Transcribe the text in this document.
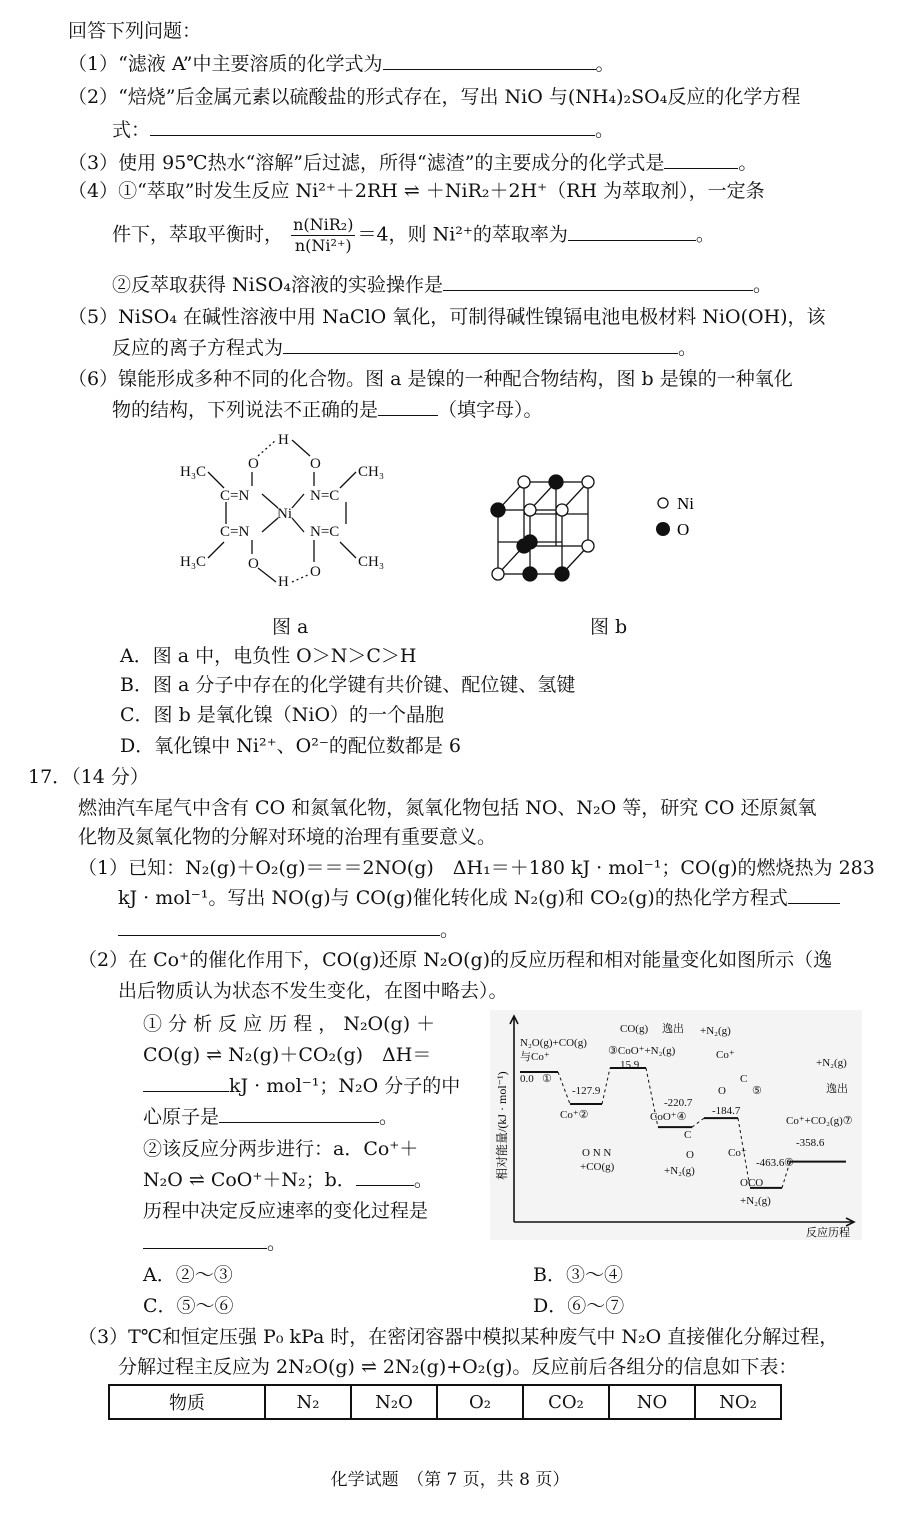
回答下列问题：
（1）“滤液 A”中主要溶质的化学式为	。
（2）“焙烧”后金属元素以硫酸盐的形式存在，写出 NiO 与(NH₄)₂SO₄反应的化学方程
式：	。
（3）使用 95℃热水“溶解”后过滤，所得“滤渣”的主要成分的化学式是	。
（4）①“萃取”时发生反应 Ni²⁺＋2RH ⇌ ＋NiR₂＋2H⁺（RH 为萃取剂），一定条
件下，萃取平衡时， n(NiR₂)
n(Ni²⁺) ＝4，则 Ni²⁺的萃取率为	。
②反萃取获得 NiSO₄溶液的实验操作是	。
（5）NiSO₄ 在碱性溶液中用 NaClO 氧化，可制得碱性镍镉电池电极材料 NiO(OH)，该
反应的离子方程式为	。
（6）镍能形成多种不同的化合物。图 a 是镍的一种配合物结构，图 b 是镍的一种氧化
物的结构，下列说法不正确的是	（填字母）。
H₃C
H₃C
CH₃
CH₃
C=N
C=N
N=C
N=C
Ni
O	O
O	O
H
H
图 a
Ni
O
图 b
A．图 a 中，电负性 O＞N＞C＞H
B．图 a 分子中存在的化学键有共价键、配位键、氢键
C．图 b 是氧化镍（NiO）的一个晶胞
D．氧化镍中 Ni²⁺、O²⁻的配位数都是 6
17．（14 分）
燃油汽车尾气中含有 CO 和氮氧化物，氮氧化物包括 NO、N₂O 等，研究 CO 还原氮氧
化物及氮氧化物的分解对环境的治理有重要意义。
（1）已知：N₂(g)＋O₂(g)＝＝＝2NO(g)　ΔH₁＝＋180 kJ · mol⁻¹；CO(g)的燃烧热为 283
kJ · mol⁻¹。写出 NO(g)与 CO(g)催化转化成 N₂(g)和 CO₂(g)的热化学方程式
。
（2）在 Co⁺的催化作用下，CO(g)还原 N₂O(g)的反应历程和相对能量变化如图所示（逸
出后物质认为状态不发生变化，在图中略去）。
① 分 析 反 应 历 程 ， N₂O(g) ＋
CO(g) ⇌ N₂(g)＋CO₂(g)　ΔH＝
kJ · mol⁻¹；N₂O 分子的中
心原子是	。
②该反应分两步进行：a．Co⁺＋
N₂O ⇌ CoO⁺＋N₂；b．	。
历程中决定反应速率的变化过程是
。
相对能量/(kJ · mol⁻¹)
反应历程
N₂O(g)+CO(g)
与Co⁺
0.0 ①
-127.9
Co⁺②
O N N
+CO(g)
CO(g) 逸出
③CoO⁺+N₂(g)
15.9
+N₂(g)
+N₂(g)
Co⁺
C
O ⑤
-184.7
CoO⁺④
-220.7
C
O
+N₂(g)
逸出
Co⁺+CO₂(g)⑦
-358.6
Co⁺
-463.6 ⑥
OCO
+N₂(g)
A．②～③	B．③～④
C．⑤～⑥	D．⑥～⑦
（3）T℃和恒定压强 P₀ kPa 时，在密闭容器中模拟某种废气中 N₂O 直接催化分解过程，
分解过程主反应为 2N₂O(g) ⇌ 2N₂(g)+O₂(g)。反应前后各组分的信息如下表：
物质	N₂	N₂O	O₂	CO₂	NO	NO₂
化学试题　（第 7 页，共 8 页）
